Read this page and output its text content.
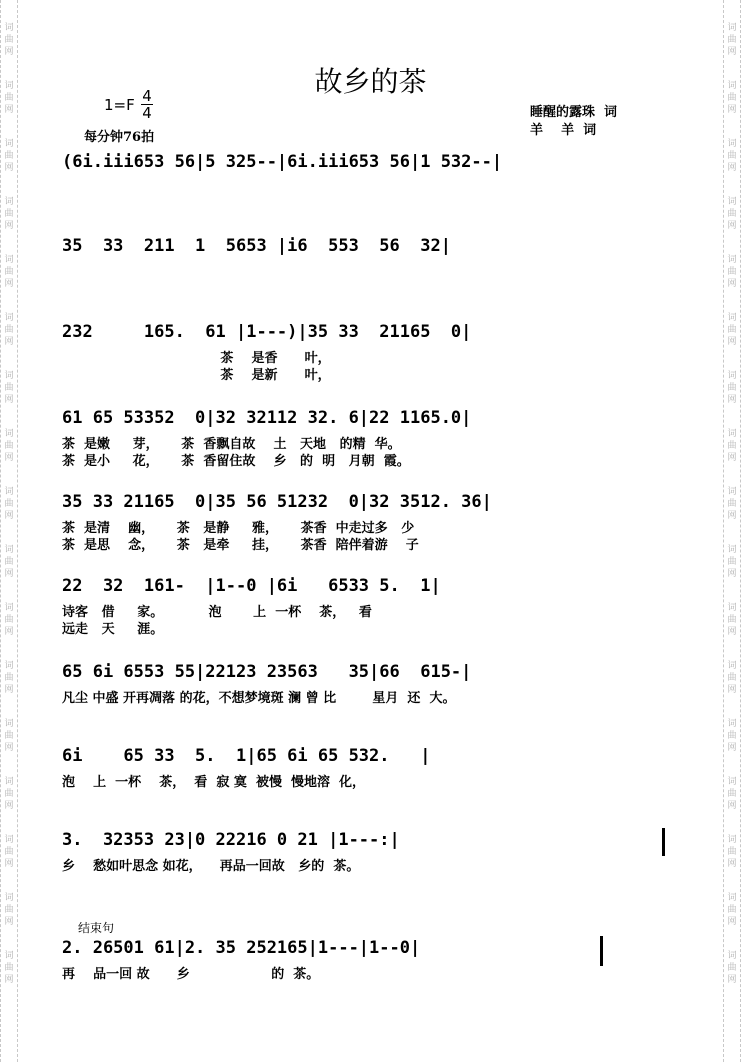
词
曲
网
词
曲
网
词
曲
网
词
曲
网
词
曲
网
词
曲
网
词
曲
网
词
曲
网
词
曲
网
词
曲
网
词
曲
网
词
曲
网
词
曲
网
词
曲
网
词
曲
网
词
曲
网
词
曲
网
词
曲
网
词
曲
网
词
曲
网
词
曲
网
词
曲
网
词
曲
网
词
曲
网
词
曲
网
词
曲
网
词
曲
网
词
曲
网
词
曲
网
词
曲
网
词
曲
网
词
曲
网
词
曲
网
词
曲
网
故乡的茶
1=F 4
4
每分钟76拍
睡醒的露珠  词
羊    羊  词
结束句
(6i.iii653 56|5 325--|6i.iii653 56|1 532--|
35  33  211  1  5653 |i6  553  56  32|
232     165.  61 |1---)|35 33  21165  0|
茶    是香      叶，
茶    是新      叶，
61 65 53352  0|32 32112 32. 6|22 1165.0|
茶  是嫩     芽，     茶  香飘自故    土   天地   的精  华。
茶  是小     花，     茶  香留住故    乡   的  明   月朝  霞。
35 33 21165  0|35 56 51232  0|32 3512. 36|
茶  是清    幽，     茶   是静     雅，     茶香  中走过多   少
茶  是思    念，     茶   是牵     挂，     茶香  陪伴着游    子
22  32  161-  |1--0 |6i   6533 5.  1|
诗客   借     家。          泡       上  一杯    茶，   看
远走   天     涯。
65 6i 6553 55|22123 23563   35|66  615-|
凡尘 中盛 开再凋落 的花，不想梦境斑 澜 曾 比        星月  还  大。
6i    65 33  5.  1|65 6i 65 532.   |
泡    上  一杯    茶，  看  寂 寞  被慢  慢地溶  化，
3.  32353 23|0 22216 0 21 |1---:|
乡    愁如叶思念 如花，    再品一回故   乡的  茶。
2. 26501 61|2. 35 252165|1---|1--0|
再    品一回 故      乡                  的  茶。
